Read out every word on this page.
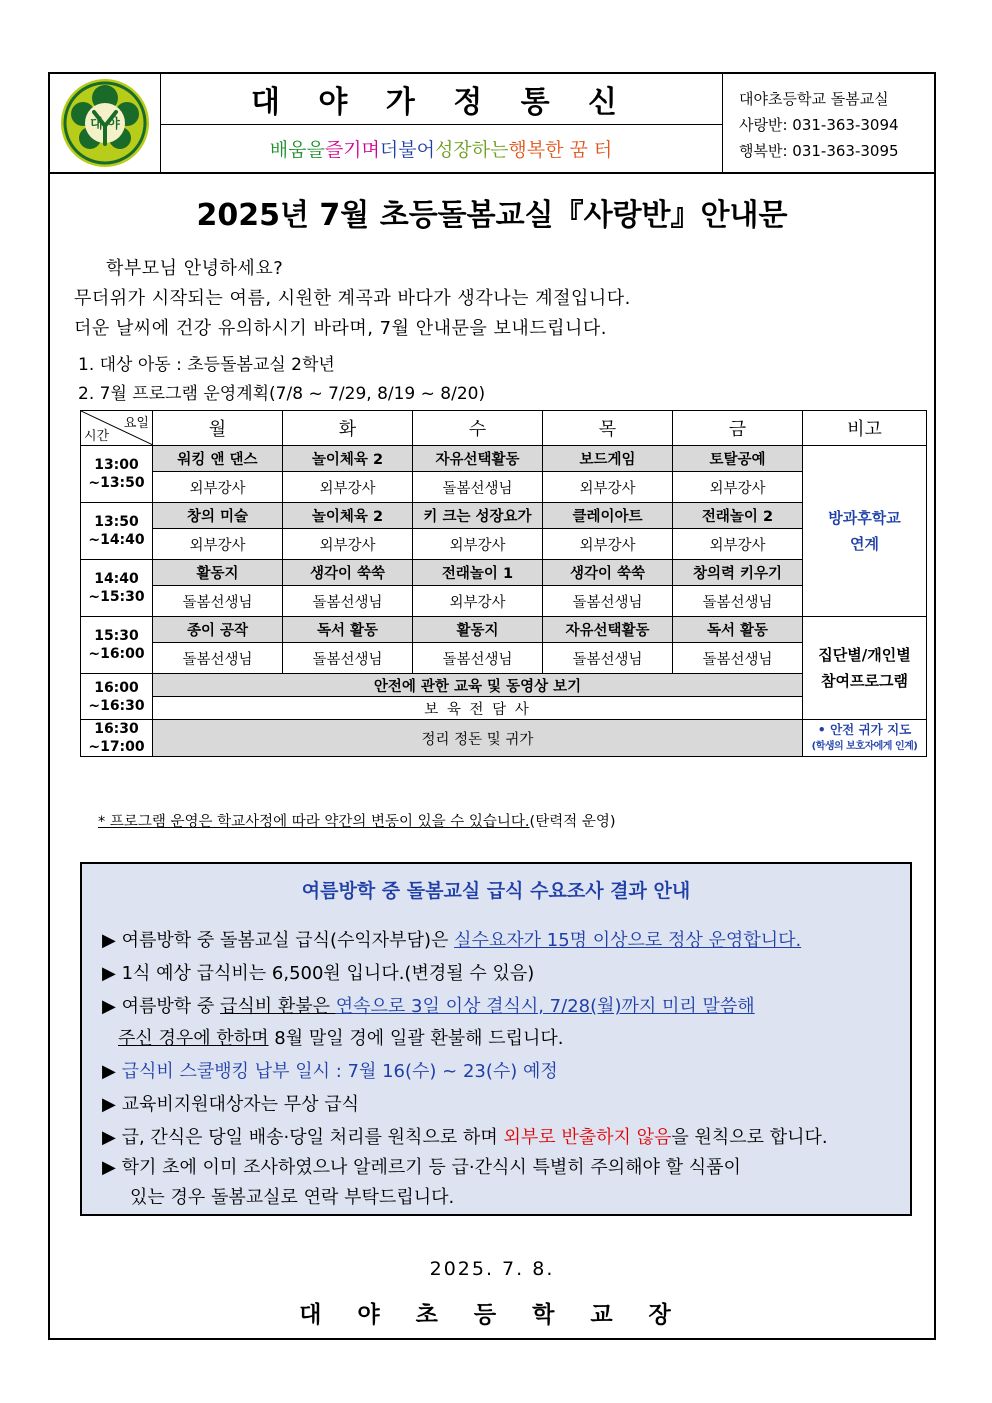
대 야
대 야 가 정 통 신
배움을 즐기며 더불어 성장하는 행복한 꿈 터
대야초등학교 돌봄교실
사랑반: 031-363-3094
행복반: 031-363-3095
2025년 7월 초등돌봄교실『사랑반』안내문
학부모님 안녕하세요?
무더위가 시작되는 여름, 시원한 계곡과 바다가 생각나는 계절입니다.
더운 날씨에 건강 유의하시기 바라며, 7월 안내문을 보내드립니다.
1. 대상 아동 : 초등돌봄교실 2학년
2. 7월 프로그램 운영계획(7/8 ~ 7/29, 8/19 ~ 8/20)
요일
시간	월	화	수	목	금	비고
13:00
~13:50	워킹 앤 댄스	놀이체육 2	자유선택활동	보드게임	토탈공예	방과후학교
연계
	외부강사	외부강사	돌봄선생님	외부강사	외부강사	
13:50
~14:40	창의 미술	놀이체육 2	키 크는 성장요가	클레이아트	전래놀이 2	
	외부강사	외부강사	외부강사	외부강사	외부강사	
14:40
~15:30	활동지	생각이 쑥쑥	전래놀이 1	생각이 쑥쑥	창의력 키우기	
	돌봄선생님	돌봄선생님	외부강사	돌봄선생님	돌봄선생님	
15:30
~16:00	종이 공작	독서 활동	활동지	자유선택활동	독서 활동	집단별/개인별
참여프로그램
	돌봄선생님	돌봄선생님	돌봄선생님	돌봄선생님	돌봄선생님	
16:00
~16:30	안전에 관한 교육 및 동영상 보기					
	보 육 전 담 사					
16:30
~17:00	정리 정돈 및 귀가					• 안전 귀가 지도
(학생의 보호자에게 인계)
* 프로그램 운영은 학교사정에 따라 약간의 변동이 있을 수 있습니다.(탄력적 운영)
여름방학 중 돌봄교실 급식 수요조사 결과 안내
▶ 여름방학 중 돌봄교실 급식(수익자부담)은 실수요자가 15명 이상으로 정상 운영합니다.
▶ 1식 예상 급식비는 6,500원 입니다.(변경될 수 있음)
▶ 여름방학 중 급식비 환불은 연속으로 3일 이상 결식시, 7/28(월)까지 미리 말씀해
주신 경우에 한하며 8월 말일 경에 일괄 환불해 드립니다.
▶ 급식비 스쿨뱅킹 납부 일시 : 7월 16(수) ~ 23(수) 예정
▶ 교육비지원대상자는 무상 급식
▶ 급, 간식은 당일 배송·당일 처리를 원칙으로 하며 외부로 반출하지 않음을 원칙으로 합니다.
▶ 학기 초에 이미 조사하였으나 알레르기 등 급·간식시 특별히 주의해야 할 식품이
있는 경우 돌봄교실로 연락 부탁드립니다.
2025. 7. 8.
대 야 초 등 학 교 장
